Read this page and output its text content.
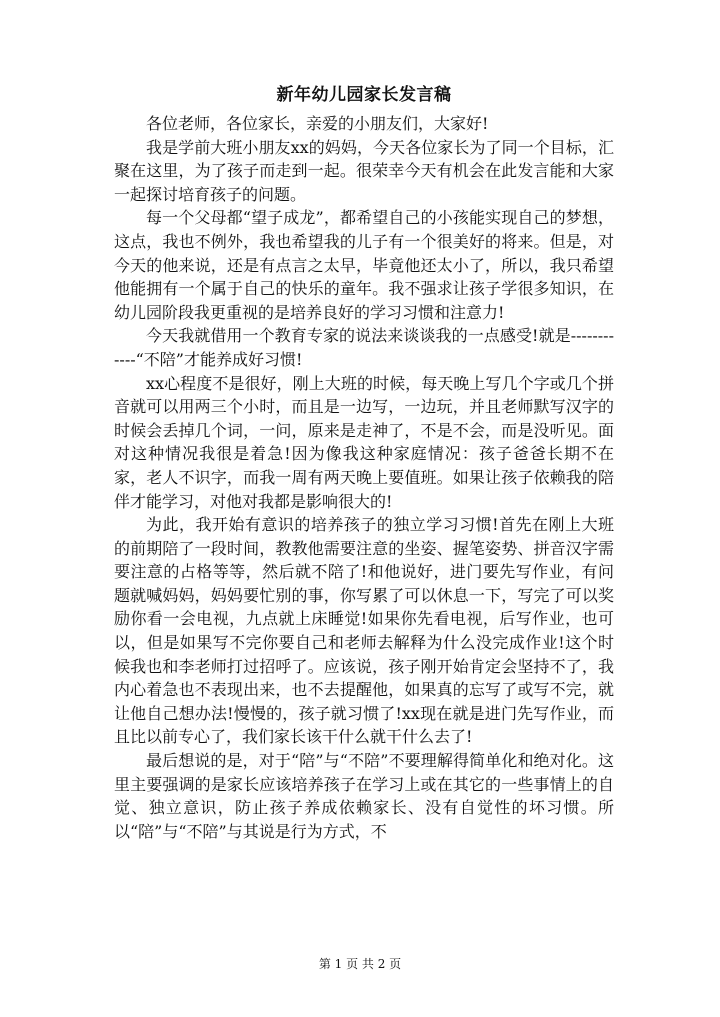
新年幼儿园家长发言稿

各位老师，各位家长，亲爱的小朋友们，大家好!

我是学前大班小朋友xx的妈妈，今天各位家长为了同一个目标，汇聚在这里，为了孩子而走到一起。很荣幸今天有机会在此发言能和大家一起探讨培育孩子的问题。

每一个父母都“望子成龙”，都希望自己的小孩能实现自己的梦想，这点，我也不例外，我也希望我的儿子有一个很美好的将来。但是，对今天的他来说，还是有点言之太早，毕竟他还太小了，所以，我只希望他能拥有一个属于自己的快乐的童年。我不强求让孩子学很多知识，在幼儿园阶段我更重视的是培养良好的学习习惯和注意力!

今天我就借用一个教育专家的说法来谈谈我的一点感受!就是------------“不陪”才能养成好习惯!

xx心程度不是很好，刚上大班的时候，每天晚上写几个字或几个拼音就可以用两三个小时，而且是一边写，一边玩，并且老师默写汉字的时候会丢掉几个词，一问，原来是走神了，不是不会，而是没听见。面对这种情况我很是着急!因为像我这种家庭情况：孩子爸爸长期不在家，老人不识字，而我一周有两天晚上要值班。如果让孩子依赖我的陪伴才能学习，对他对我都是影响很大的!

为此，我开始有意识的培养孩子的独立学习习惯!首先在刚上大班的前期陪了一段时间，教教他需要注意的坐姿、握笔姿势、拼音汉字需要注意的占格等等，然后就不陪了!和他说好，进门要先写作业，有问题就喊妈妈，妈妈要忙别的事，你写累了可以休息一下，写完了可以奖励你看一会电视，九点就上床睡觉!如果你先看电视，后写作业，也可以，但是如果写不完你要自己和老师去解释为什么没完成作业!这个时候我也和李老师打过招呼了。应该说，孩子刚开始肯定会坚持不了，我内心着急也不表现出来，也不去提醒他，如果真的忘写了或写不完，就让他自己想办法!慢慢的，孩子就习惯了!xx现在就是进门先写作业，而且比以前专心了，我们家长该干什么就干什么去了!

最后想说的是，对于“陪”与“不陪”不要理解得简单化和绝对化。这里主要强调的是家长应该培养孩子在学习上或在其它的一些事情上的自觉、独立意识，防止孩子养成依赖家长、没有自觉性的坏习惯。所以“陪”与“不陪”与其说是行为方式，不

第 1 页 共 2 页
